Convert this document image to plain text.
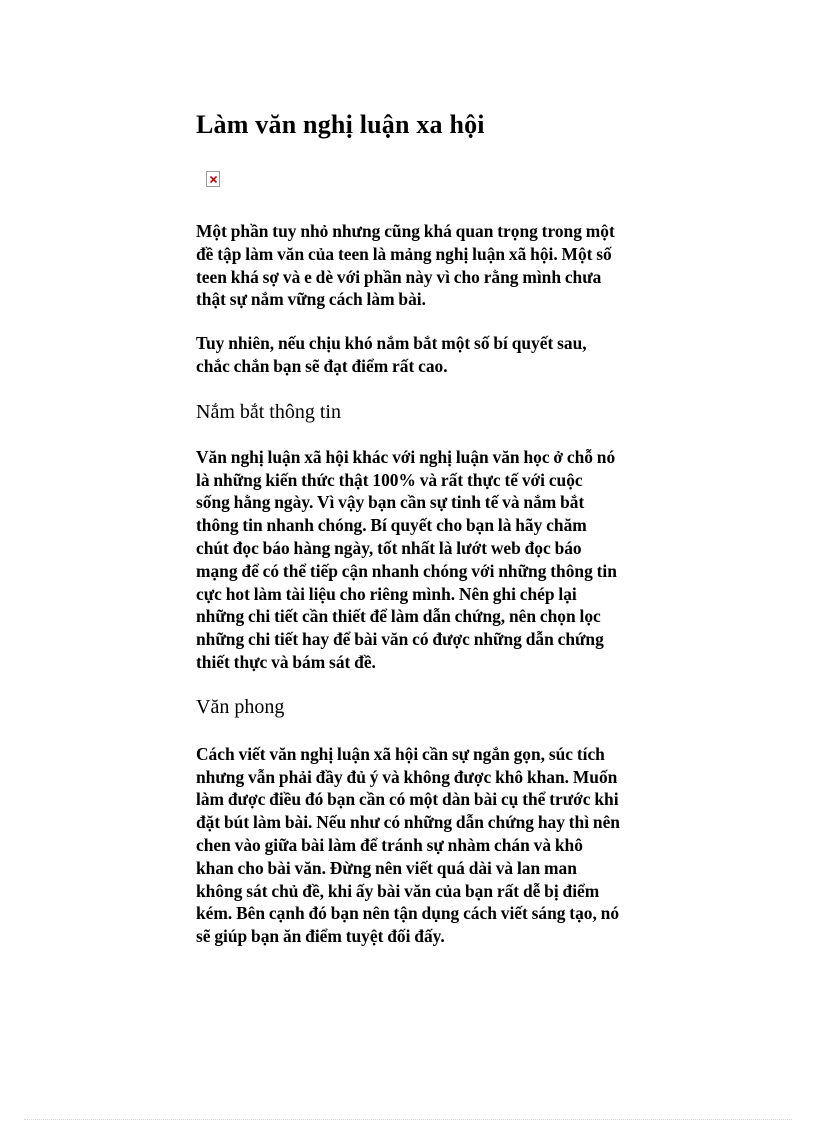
Làm văn nghị luận xa hội

Một phần tuy nhỏ nhưng cũng khá quan trọng trong một đề tập làm văn của teen là mảng nghị luận xã hội. Một số teen khá sợ và e dè với phần này vì cho rằng mình chưa thật sự nắm vững cách làm bài.

Tuy nhiên, nếu chịu khó nắm bắt một số bí quyết sau, chắc chắn bạn sẽ đạt điểm rất cao.

Nắm bắt thông tin

Văn nghị luận xã hội khác với nghị luận văn học ở chỗ nó là những kiến thức thật 100% và rất thực tế với cuộc sống hằng ngày. Vì vậy bạn cần sự tinh tế và nắm bắt thông tin nhanh chóng. Bí quyết cho bạn là hãy chăm chút đọc báo hàng ngày, tốt nhất là lướt web đọc báo mạng để có thể tiếp cận nhanh chóng với những thông tin cực hot làm tài liệu cho riêng mình. Nên ghi chép lại những chi tiết cần thiết để làm dẫn chứng, nên chọn lọc những chi tiết hay để bài văn có được những dẫn chứng thiết thực và bám sát đề.

Văn phong

Cách viết văn nghị luận xã hội cần sự ngắn gọn, súc tích nhưng vẫn phải đầy đủ ý và không được khô khan. Muốn làm được điều đó bạn cần có một dàn bài cụ thể trước khi đặt bút làm bài. Nếu như có những dẫn chứng hay thì nên chen vào giữa bài làm để tránh sự nhàm chán và khô khan cho bài văn. Đừng nên viết quá dài và lan man không sát chủ đề, khi ấy bài văn của bạn rất dễ bị điểm kém. Bên cạnh đó bạn nên tận dụng cách viết sáng tạo, nó sẽ giúp bạn ăn điểm tuyệt đối đấy.
